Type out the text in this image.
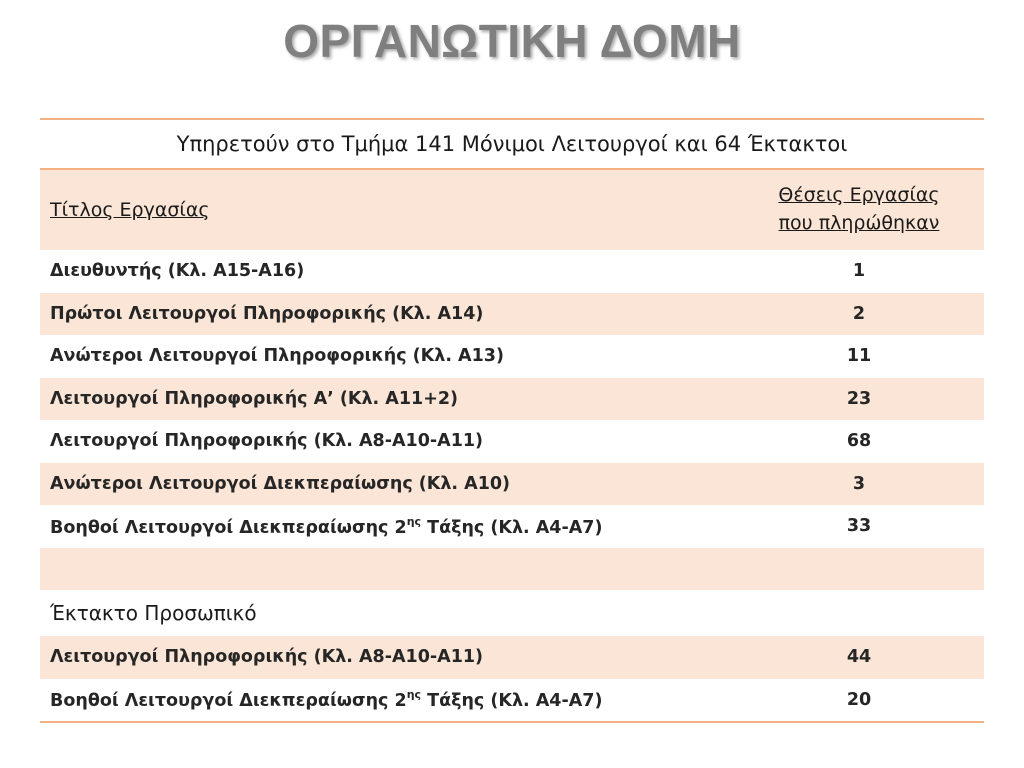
ΟΡΓΑΝΩΤΙΚΗ ΔΟΜΗ
Υπηρετούν στο Τμήμα 141 Μόνιμοι Λειτουργοί και 64 Έκτακτοι	
Τίτλος Εργασίας	Θέσεις Εργασίας
που πληρώθηκαν
Διευθυντής (Κλ. Α15-Α16)	1
Πρώτοι Λειτουργοί Πληροφορικής (Κλ. Α14)	2
Ανώτεροι Λειτουργοί Πληροφορικής (Κλ. Α13)	11
Λειτουργοί Πληροφορικής Α’ (Κλ. Α11+2)	23
Λειτουργοί Πληροφορικής (Κλ. Α8-Α10-Α11)	68
Ανώτεροι Λειτουργοί Διεκπεραίωσης (Κλ. Α10)	3
Βοηθοί Λειτουργοί Διεκπεραίωσης $2^{\eta\varsigma}$ Τάξης (Κλ. Α4-Α7)	33

Έκτακτο Προσωπικό	
Λειτουργοί Πληροφορικής (Κλ. Α8-Α10-Α11)	44
Βοηθοί Λειτουργοί Διεκπεραίωσης $2^{\eta\varsigma}$ Τάξης (Κλ. Α4-Α7)	20
